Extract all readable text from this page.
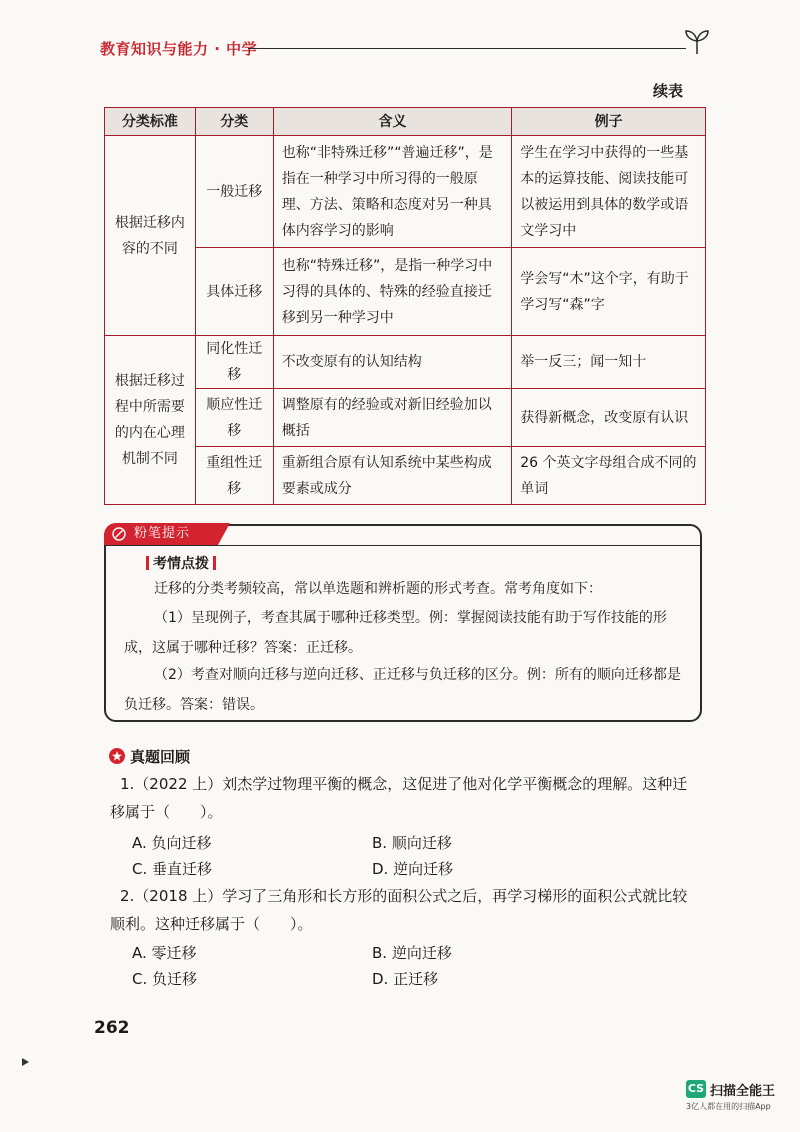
教育知识与能力 · 中学
续表
分类标准	分类	含义	例子
根据迁移内容的不同	一般迁移	也称“非特殊迁移”“普遍迁移”，是指在一种学习中所习得的一般原理、方法、策略和态度对另一种具体内容学习的影响	学生在学习中获得的一些基本的运算技能、阅读技能可以被运用到具体的数学或语文学习中
	具体迁移	也称“特殊迁移”，是指一种学习中习得的具体的、特殊的经验直接迁移到另一种学习中	学会写“木”这个字，有助于学习写“森”字
根据迁移过程中所需要的内在心理机制不同	同化性迁移	不改变原有的认知结构	举一反三；闻一知十
	顺应性迁移	调整原有的经验或对新旧经验加以概括	获得新概念，改变原有认识
	重组性迁移	重新组合原有认知系统中某些构成要素或成分	26 个英文字母组合成不同的单词
粉笔提示
考情点拨
迁移的分类考频较高，常以单选题和辨析题的形式考查。常考角度如下：
（1）呈现例子，考查其属于哪种迁移类型。例：掌握阅读技能有助于写作技能的形成，这属于哪种迁移？答案：正迁移。
（2）考查对顺向迁移与逆向迁移、正迁移与负迁移的区分。例：所有的顺向迁移都是负迁移。答案：错误。
真题回顾
1.（2022 上）刘杰学过物理平衡的概念，这促进了他对化学平衡概念的理解。这种迁移属于（　　）。
A. 负向迁移	B. 顺向迁移
C. 垂直迁移	D. 逆向迁移
2.（2018 上）学习了三角形和长方形的面积公式之后，再学习梯形的面积公式就比较顺利。这种迁移属于（　　）。
A. 零迁移	B. 逆向迁移
C. 负迁移	D. 正迁移
262
CS 扫描全能王
3亿人都在用的扫描App
